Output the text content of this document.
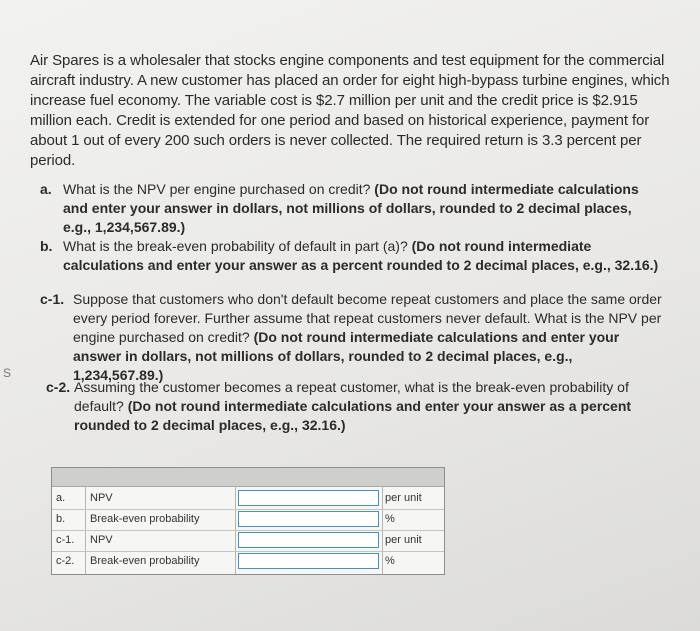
Air Spares is a wholesaler that stocks engine components and test equipment for the commercial aircraft industry. A new customer has placed an order for eight high-bypass turbine engines, which increase fuel economy. The variable cost is $2.7 million per unit and the credit price is $2.915 million each. Credit is extended for one period and based on historical experience, payment for about 1 out of every 200 such orders is never collected. The required return is 3.3 percent per period.
S
a. What is the NPV per engine purchased on credit? (Do not round intermediate calculations and enter your answer in dollars, not millions of dollars, rounded to 2 decimal places, e.g., 1,234,567.89.)
b. What is the break-even probability of default in part (a)? (Do not round intermediate calculations and enter your answer as a percent rounded to 2 decimal places, e.g., 32.16.)
c-1. Suppose that customers who don't default become repeat customers and place the same order every period forever. Further assume that repeat customers never default. What is the NPV per engine purchased on credit? (Do not round intermediate calculations and enter your answer in dollars, not millions of dollars, rounded to 2 decimal places, e.g., 1,234,567.89.)
c-2. Assuming the customer becomes a repeat customer, what is the break-even probability of default? (Do not round intermediate calculations and enter your answer as a percent rounded to 2 decimal places, e.g., 32.16.)
a. NPV	per unit
b. Break-even probability	%
c-1. NPV	per unit
c-2. Break-even probability	%
